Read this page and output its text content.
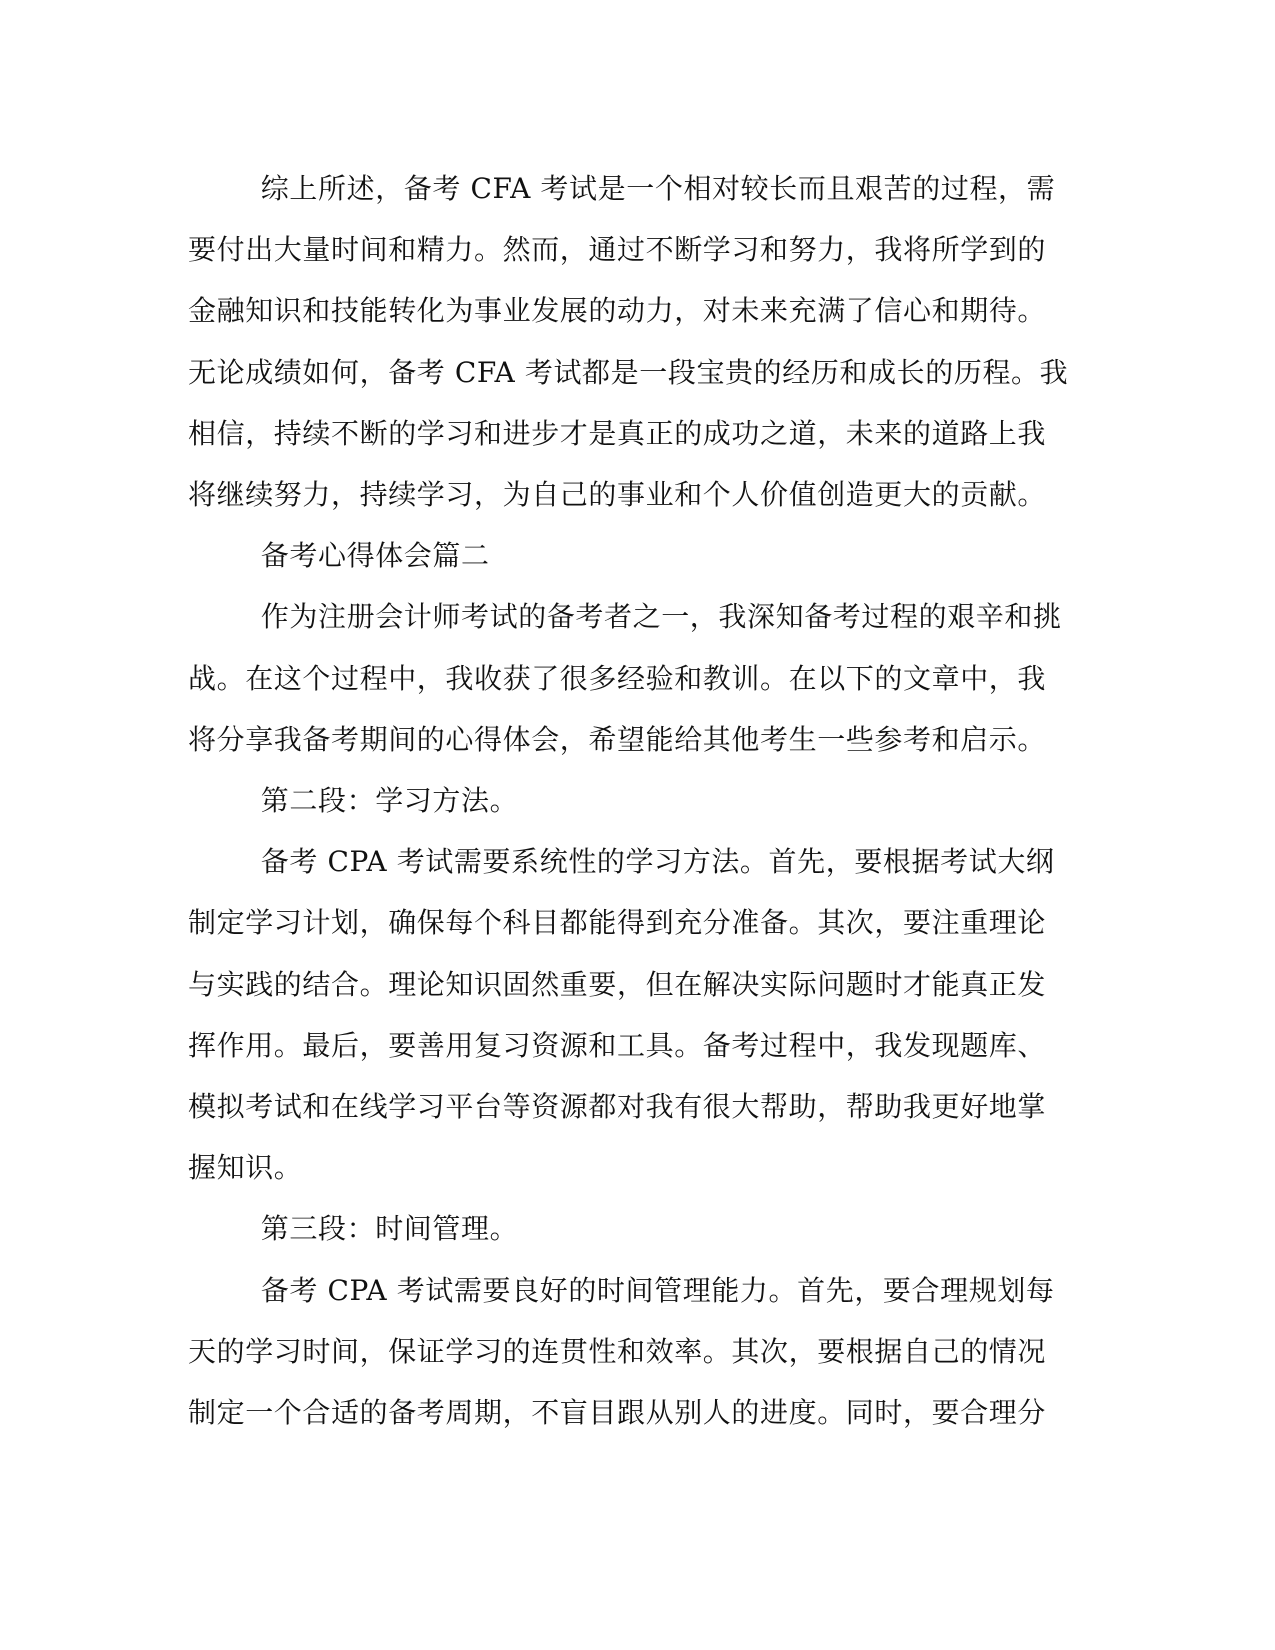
综上所述，备考 CFA 考试是一个相对较长而且艰苦的过程，需要付出大量时间和精力。然而，通过不断学习和努力，我将所学到的金融知识和技能转化为事业发展的动力，对未来充满了信心和期待。无论成绩如何，备考 CFA 考试都是一段宝贵的经历和成长的历程。我相信，持续不断的学习和进步才是真正的成功之道，未来的道路上我将继续努力，持续学习，为自己的事业和个人价值创造更大的贡献。

备考心得体会篇二

作为注册会计师考试的备考者之一，我深知备考过程的艰辛和挑战。在这个过程中，我收获了很多经验和教训。在以下的文章中，我将分享我备考期间的心得体会，希望能给其他考生一些参考和启示。

第二段：学习方法。

备考 CPA 考试需要系统性的学习方法。首先，要根据考试大纲制定学习计划，确保每个科目都能得到充分准备。其次，要注重理论与实践的结合。理论知识固然重要，但在解决实际问题时才能真正发挥作用。最后，要善用复习资源和工具。备考过程中，我发现题库、模拟考试和在线学习平台等资源都对我有很大帮助，帮助我更好地掌握知识。

第三段：时间管理。

备考 CPA 考试需要良好的时间管理能力。首先，要合理规划每天的学习时间，保证学习的连贯性和效率。其次，要根据自己的情况制定一个合适的备考周期，不盲目跟从别人的进度。同时，要合理分
